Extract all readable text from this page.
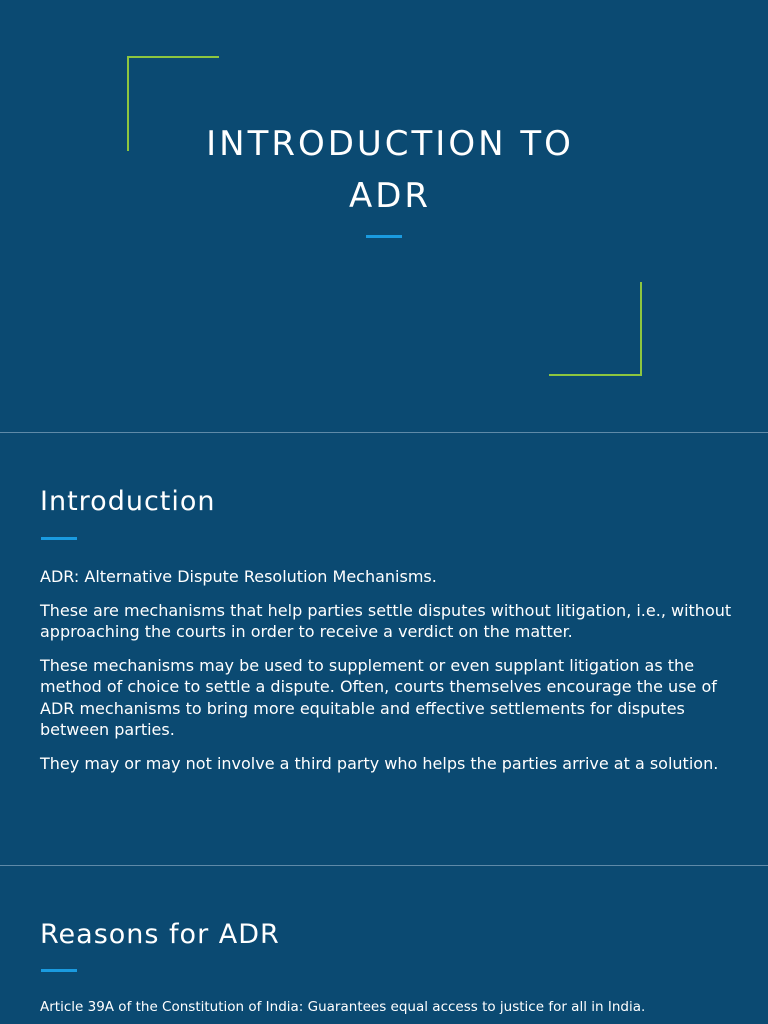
INTRODUCTION TO
ADR
Introduction

ADR: Alternative Dispute Resolution Mechanisms.

These are mechanisms that help parties settle disputes without litigation, i.e., without approaching the courts in order to receive a verdict on the matter.

These mechanisms may be used to supplement or even supplant litigation as the method of choice to settle a dispute. Often, courts themselves encourage the use of ADR mechanisms to bring more equitable and effective settlements for disputes between parties.

They may or may not involve a third party who helps the parties arrive at a solution.

Reasons for ADR

Article 39A of the Constitution of India: Guarantees equal access to justice for all in India.
